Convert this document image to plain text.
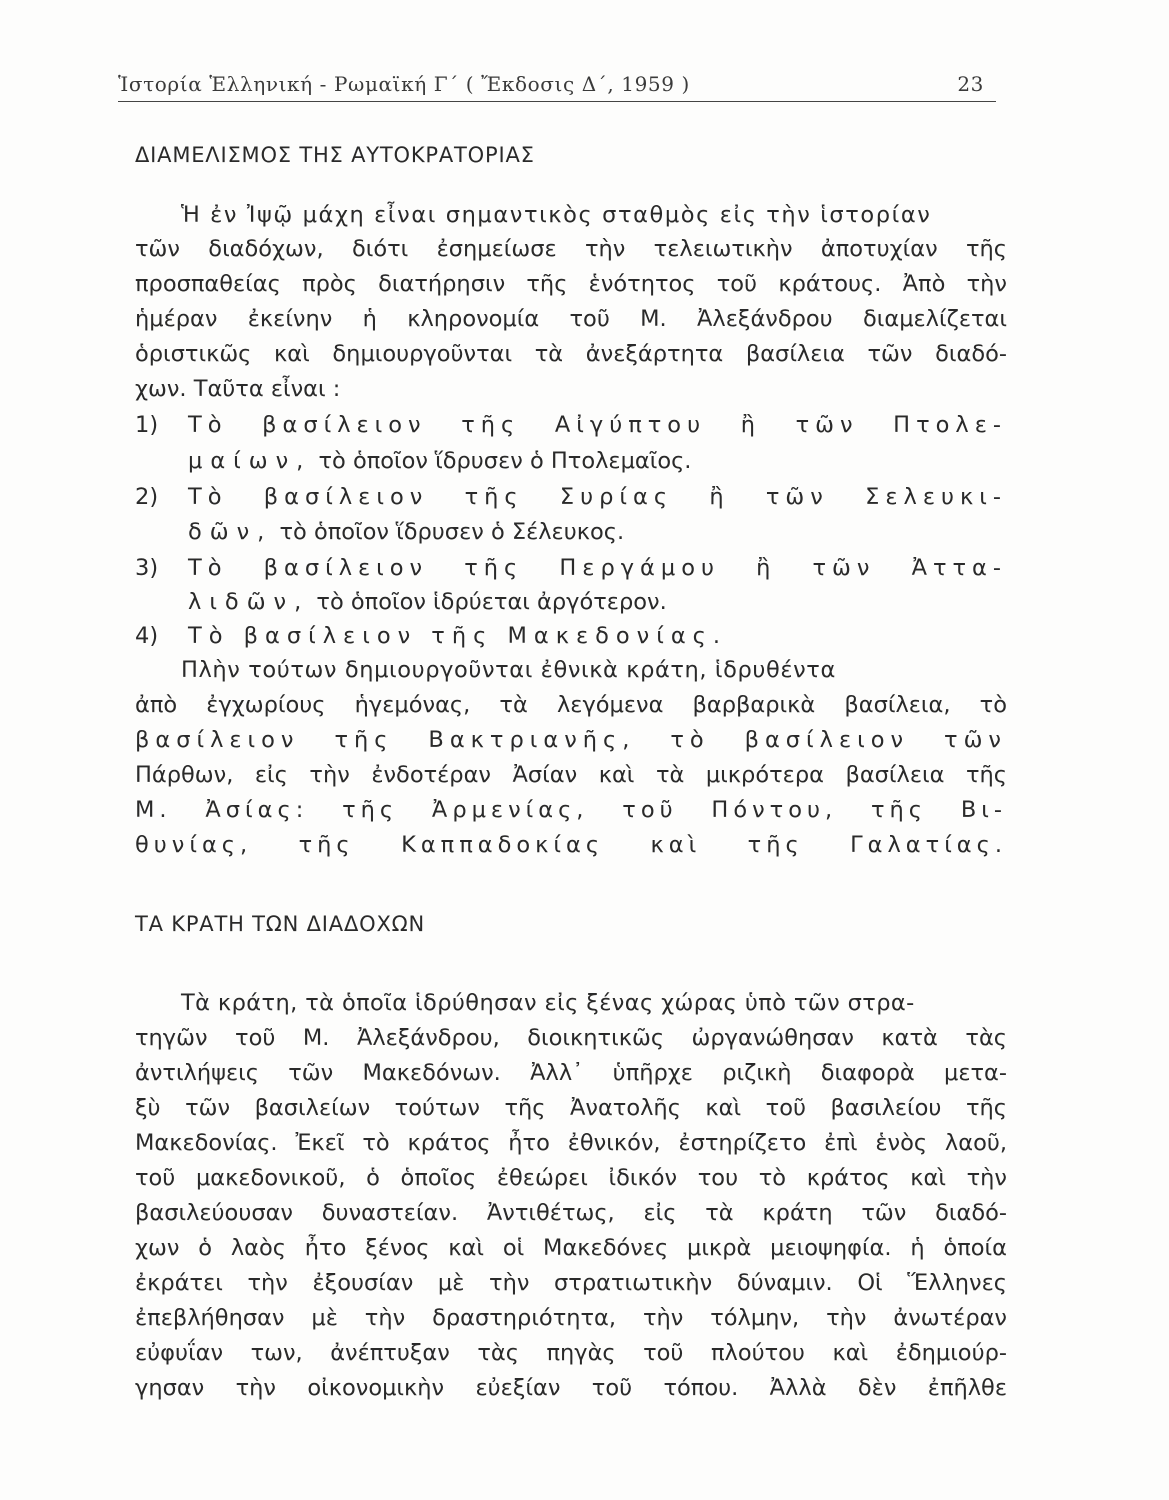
Ἱστορία Ἑλληνική - Ρωμαϊκή Γ΄ ( Ἔκδοσις Δ΄, 1959 )	23
ΔΙΑΜΕΛΙΣΜΟΣ ΤΗΣ ΑΥΤΟΚΡΑΤΟΡΙΑΣ
Ἡ ἐν Ἰψῷ μάχη εἶναι σημαντικὸς σταθμὸς εἰς τὴν ἱστορίαν
τῶν διαδόχων, διότι ἐσημείωσε τὴν τελειωτικὴν ἀποτυχίαν τῆς
προσπαθείας πρὸς διατήρησιν τῆς ἑνότητος τοῦ κράτους. Ἀπὸ τὴν
ἡμέραν ἐκείνην ἡ κληρονομία τοῦ Μ. Ἀλεξάνδρου διαμελίζεται
ὁριστικῶς καὶ δημιουργοῦνται τὰ ἀνεξάρτητα βασίλεια τῶν διαδό-
χων. Ταῦτα εἶναι :
1) Τὸ βασίλειον τῆς Αἰγύπτου ἢ τῶν Πτολε-
μαίων, τὸ ὁποῖον ἵδρυσεν ὁ Πτολεμαῖος.
2) Τὸ βασίλειον τῆς Συρίας ἢ τῶν Σελευκι-
δῶν, τὸ ὁποῖον ἵδρυσεν ὁ Σέλευκος.
3) Τὸ βασίλειον τῆς Περγάμου ἢ τῶν Ἀττα-
λιδῶν, τὸ ὁποῖον ἱδρύεται ἀργότερον.
4) Τὸ βασίλειον τῆς Μακεδονίας.
Πλὴν τούτων δημιουργοῦνται ἐθνικὰ κράτη, ἱδρυθέντα
ἀπὸ ἐγχωρίους ἡγεμόνας, τὰ λεγόμενα βαρβαρικὰ βασίλεια, τὸ
βασίλειον τῆς Βακτριανῆς, τὸ βασίλειον τῶν
Πάρθων, εἰς τὴν ἐνδοτέραν Ἀσίαν καὶ τὰ μικρότερα βασίλεια τῆς
Μ. Ἀσίας: τῆς Ἀρμενίας, τοῦ Πόντου, τῆς Βι-
θυνίας, τῆς Καππαδοκίας καὶ τῆς Γαλατίας.
ΤΑ ΚΡΑΤΗ ΤΩΝ ΔΙΑΔΟΧΩΝ
Τὰ κράτη, τὰ ὁποῖα ἱδρύθησαν εἰς ξένας χώρας ὑπὸ τῶν στρα-
τηγῶν τοῦ Μ. Ἀλεξάνδρου, διοικητικῶς ὠργανώθησαν κατὰ τὰς
ἀντιλήψεις τῶν Μακεδόνων. Ἀλλ᾽ ὑπῆρχε ριζικὴ διαφορὰ μετα-
ξὺ τῶν βασιλείων τούτων τῆς Ἀνατολῆς καὶ τοῦ βασιλείου τῆς
Μακεδονίας. Ἐκεῖ τὸ κράτος ἦτο ἐθνικόν, ἐστηρίζετο ἐπὶ ἑνὸς λαοῦ,
τοῦ μακεδονικοῦ, ὁ ὁποῖος ἐθεώρει ἰδικόν του τὸ κράτος καὶ τὴν
βασιλεύουσαν δυναστείαν. Ἀντιθέτως, εἰς τὰ κράτη τῶν διαδό-
χων ὁ λαὸς ἦτο ξένος καὶ οἱ Μακεδόνες μικρὰ μειοψηφία. ἡ ὁποία
ἐκράτει τὴν ἐξουσίαν μὲ τὴν στρατιωτικὴν δύναμιν. Οἱ Ἕλληνες
ἐπεβλήθησαν μὲ τὴν δραστηριότητα, τὴν τόλμην, τὴν ἀνωτέραν
εὐφυΐαν των, ἀνέπτυξαν τὰς πηγὰς τοῦ πλούτου καὶ ἐδημιούρ-
γησαν τὴν οἰκονομικὴν εὐεξίαν τοῦ τόπου. Ἀλλὰ δὲν ἐπῆλθε
